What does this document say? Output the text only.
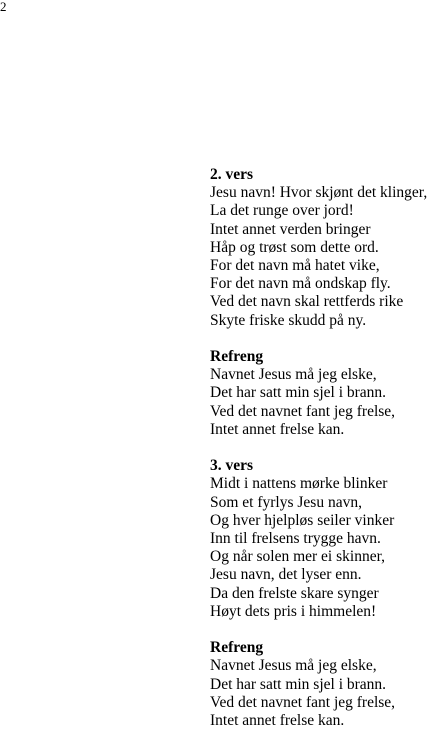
2
2. vers
Jesu navn! Hvor skjønt det klinger,
La det runge over jord!
Intet annet verden bringer
Håp og trøst som dette ord.
For det navn må hatet vike,
For det navn må ondskap fly.
Ved det navn skal rettferds rike
Skyte friske skudd på ny.
Refreng
Navnet Jesus må jeg elske,
Det har satt min sjel i brann.
Ved det navnet fant jeg frelse,
Intet annet frelse kan.
3. vers
Midt i nattens mørke blinker
Som et fyrlys Jesu navn,
Og hver hjelpløs seiler vinker
Inn til frelsens trygge havn.
Og når solen mer ei skinner,
Jesu navn, det lyser enn.
Da den frelste skare synger
Høyt dets pris i himmelen!
Refreng
Navnet Jesus må jeg elske,
Det har satt min sjel i brann.
Ved det navnet fant jeg frelse,
Intet annet frelse kan.
